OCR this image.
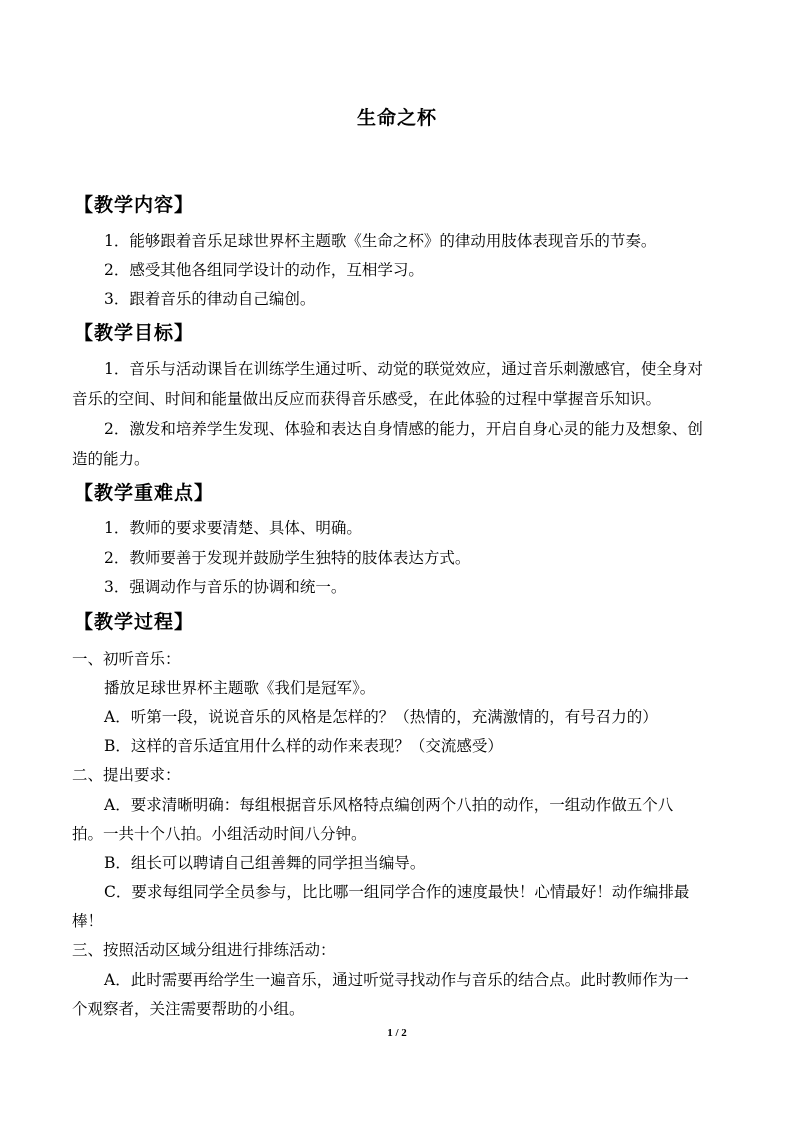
生命之杯
【教学内容】
1．能够跟着音乐足球世界杯主题歌《生命之杯》的律动用肢体表现音乐的节奏。
2．感受其他各组同学设计的动作，互相学习。
3．跟着音乐的律动自己编创。
【教学目标】
1．音乐与活动课旨在训练学生通过听、动觉的联觉效应，通过音乐刺激感官，使全身对
音乐的空间、时间和能量做出反应而获得音乐感受，在此体验的过程中掌握音乐知识。
2．激发和培养学生发现、体验和表达自身情感的能力，开启自身心灵的能力及想象、创
造的能力。
【教学重难点】
1．教师的要求要清楚、具体、明确。
2．教师要善于发现并鼓励学生独特的肢体表达方式。
3．强调动作与音乐的协调和统一。
【教学过程】
一、初听音乐：
播放足球世界杯主题歌《我们是冠军》。
A．听第一段，说说音乐的风格是怎样的？（热情的，充满激情的，有号召力的）
B．这样的音乐适宜用什么样的动作来表现？（交流感受）
二、提出要求：
A．要求清晰明确：每组根据音乐风格特点编创两个八拍的动作，一组动作做五个八
拍。一共十个八拍。小组活动时间八分钟。
B．组长可以聘请自己组善舞的同学担当编导。
C．要求每组同学全员参与，比比哪一组同学合作的速度最快！心情最好！动作编排最
棒！
三、按照活动区域分组进行排练活动：
A．此时需要再给学生一遍音乐，通过听觉寻找动作与音乐的结合点。此时教师作为一
个观察者，关注需要帮助的小组。
1 / 2
